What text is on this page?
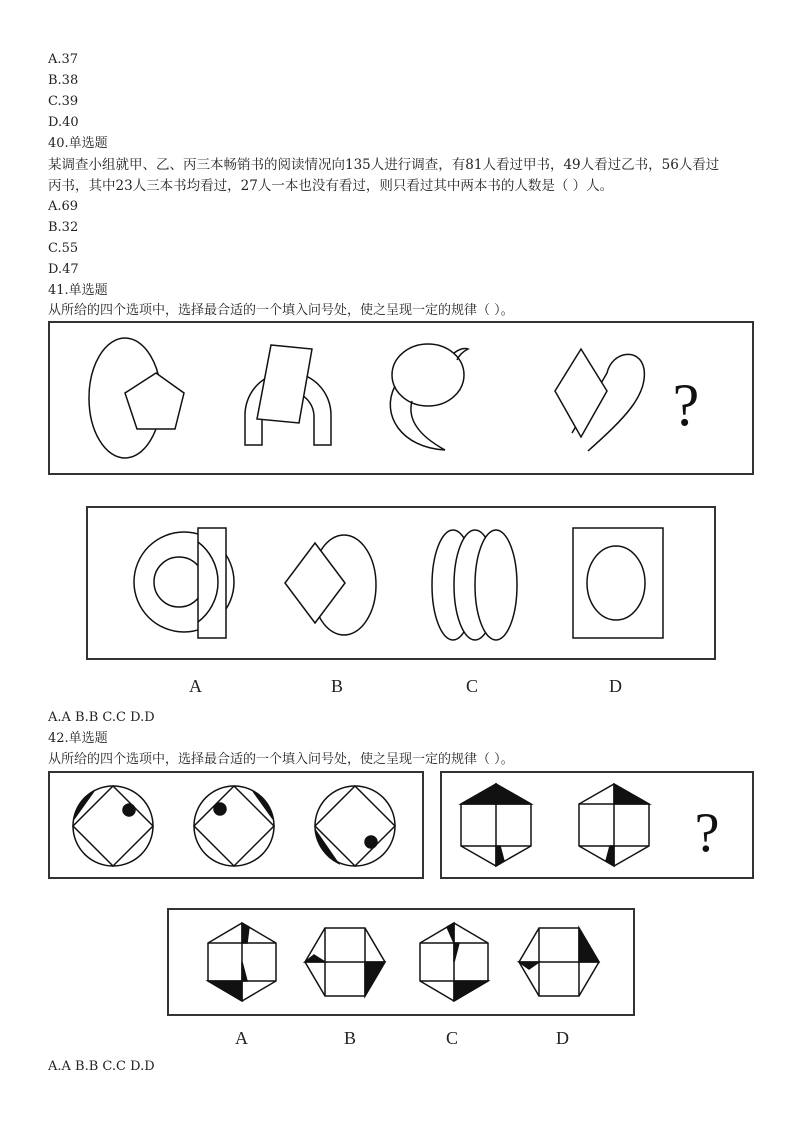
A.37
B.38
C.39
D.40
40.单选题
某调查小组就甲、乙、丙三本畅销书的阅读情况向135人进行调查，有81人看过甲书，49人看过乙书，56人看过
丙书，其中23人三本书均看过，27人一本也没有看过，则只看过其中两本书的人数是（ ）人。
A.69
B.32
C.55
D.47
41.单选题
从所给的四个选项中，选择最合适的一个填入问号处，使之呈现一定的规律（ ）。
?
A	B	C	D
A.A B.B C.C D.D
42.单选题
从所给的四个选项中，选择最合适的一个填入问号处，使之呈现一定的规律（ ）。
?
A	B	C	D
A.A B.B C.C D.D
